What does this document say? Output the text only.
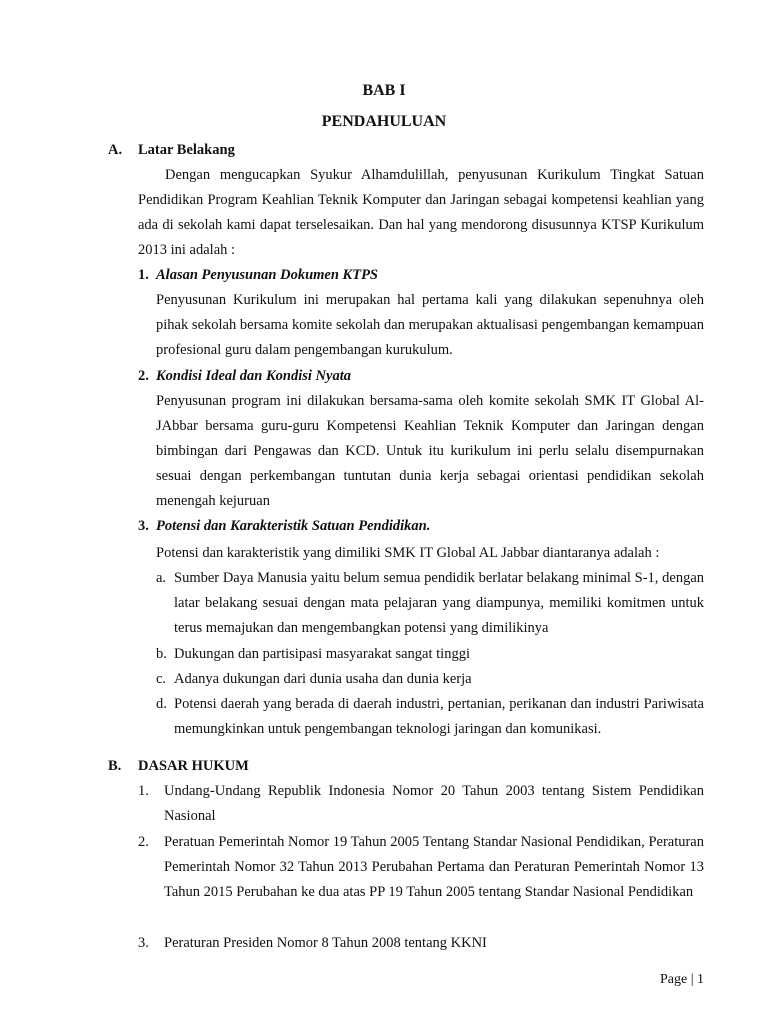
BAB I
PENDAHULUAN
A. Latar Belakang
Dengan mengucapkan Syukur Alhamdulillah, penyusunan Kurikulum Tingkat Satuan Pendidikan Program Keahlian Teknik Komputer dan Jaringan sebagai kompetensi keahlian yang ada di sekolah kami dapat terselesaikan. Dan hal yang mendorong disusunnya KTSP Kurikulum 2013 ini adalah :
1. Alasan Penyusunan Dokumen KTPS
Penyusunan Kurikulum ini merupakan hal pertama kali yang dilakukan sepenuhnya oleh pihak sekolah bersama komite sekolah dan merupakan aktualisasi pengembangan kemampuan profesional guru dalam pengembangan kurukulum.
2. Kondisi Ideal dan Kondisi Nyata
Penyusunan program ini dilakukan bersama-sama oleh komite sekolah SMK IT Global Al-JAbbar bersama guru-guru Kompetensi Keahlian Teknik Komputer dan Jaringan dengan bimbingan dari Pengawas dan KCD. Untuk itu kurikulum ini perlu selalu disempurnakan sesuai dengan perkembangan tuntutan dunia kerja sebagai orientasi pendidikan sekolah menengah kejuruan
3. Potensi dan Karakteristik Satuan Pendidikan.
Potensi dan karakteristik yang dimiliki SMK IT Global AL Jabbar diantaranya adalah :
a. Sumber Daya Manusia yaitu belum semua pendidik berlatar belakang minimal S-1, dengan latar belakang sesuai dengan mata pelajaran yang diampunya, memiliki komitmen untuk terus memajukan dan mengembangkan potensi yang dimilikinya
b. Dukungan dan partisipasi masyarakat sangat tinggi
c. Adanya dukungan dari dunia usaha dan dunia kerja
d. Potensi daerah yang berada di daerah industri, pertanian, perikanan dan industri Pariwisata memungkinkan untuk pengembangan teknologi jaringan dan komunikasi.
B. DASAR HUKUM
1. Undang-Undang Republik Indonesia Nomor 20 Tahun 2003 tentang Sistem Pendidikan Nasional
2. Peratuan Pemerintah Nomor 19 Tahun 2005 Tentang Standar Nasional Pendidikan, Peraturan Pemerintah Nomor 32 Tahun 2013 Perubahan Pertama dan Peraturan Pemerintah Nomor 13 Tahun 2015 Perubahan ke dua atas PP 19 Tahun 2005 tentang Standar Nasional Pendidikan
3. Peraturan Presiden Nomor 8 Tahun 2008 tentang KKNI
Page | 1
